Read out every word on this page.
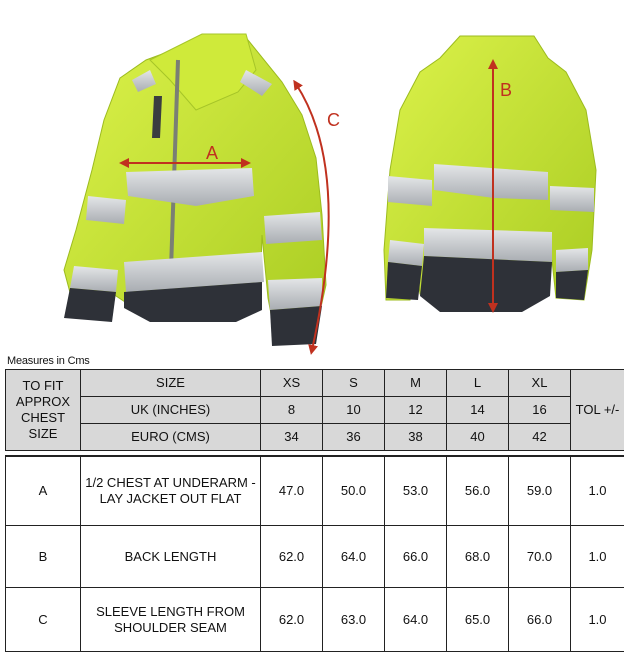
A
C
B
Measures in Cms
TO FIT APPROX CHEST SIZE	SIZE	XS	S	M	L	XL	TOL +/-
	UK (INCHES)	8	10	12	14	16	
	EURO (CMS)	34	36	38	40	42	

A	1/2 CHEST AT UNDERARM - LAY JACKET OUT FLAT	47.0	50.0	53.0	56.0	59.0	1.0
B	BACK LENGTH	62.0	64.0	66.0	68.0	70.0	1.0
C	SLEEVE LENGTH FROM SHOULDER SEAM	62.0	63.0	64.0	65.0	66.0	1.0
